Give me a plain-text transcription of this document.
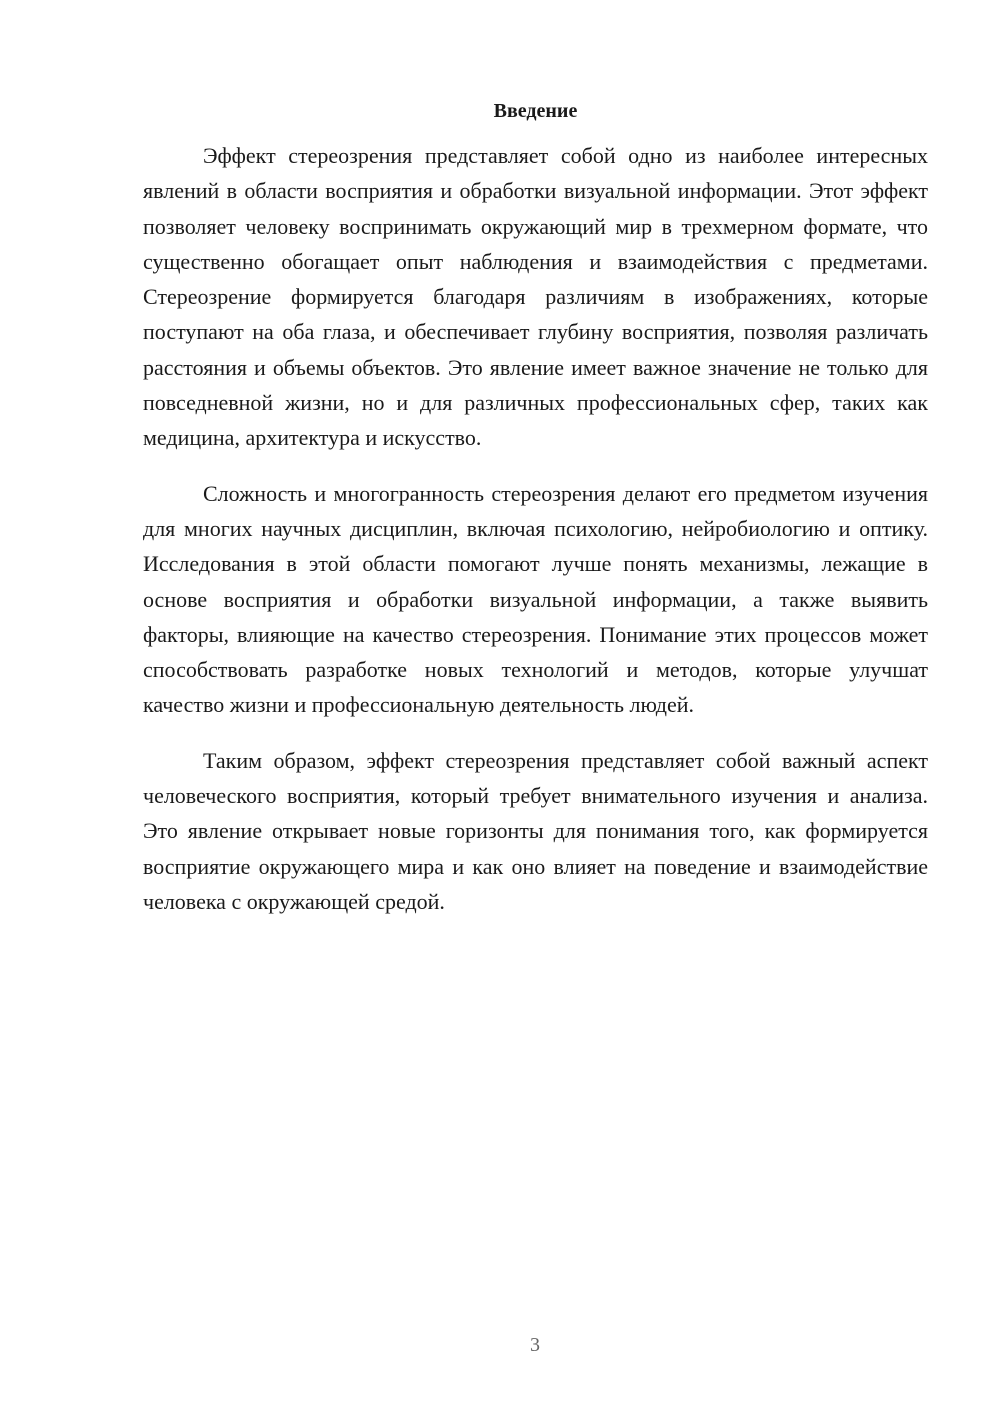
Введение

Эффект стереозрения представляет собой одно из наиболее интересных явлений в области восприятия и обработки визуальной информации. Этот эффект позволяет человеку воспринимать окружающий мир в трехмерном формате, что существенно обогащает опыт наблюдения и взаимодействия с предметами. Стереозрение формируется благодаря различиям в изображениях, которые поступают на оба глаза, и обеспечивает глубину восприятия, позволяя различать расстояния и объемы объектов. Это явление имеет важное значение не только для повседневной жизни, но и для различных профессиональных сфер, таких как медицина, архитектура и искусство.

Сложность и многогранность стереозрения делают его предметом изучения для многих научных дисциплин, включая психологию, нейробиологию и оптику. Исследования в этой области помогают лучше понять механизмы, лежащие в основе восприятия и обработки визуальной информации, а также выявить факторы, влияющие на качество стереозрения. Понимание этих процессов может способствовать разработке новых технологий и методов, которые улучшат качество жизни и профессиональную деятельность людей.

Таким образом, эффект стереозрения представляет собой важный аспект человеческого восприятия, который требует внимательного изучения и анализа. Это явление открывает новые горизонты для понимания того, как формируется восприятие окружающего мира и как оно влияет на поведение и взаимодействие человека с окружающей средой.

3
